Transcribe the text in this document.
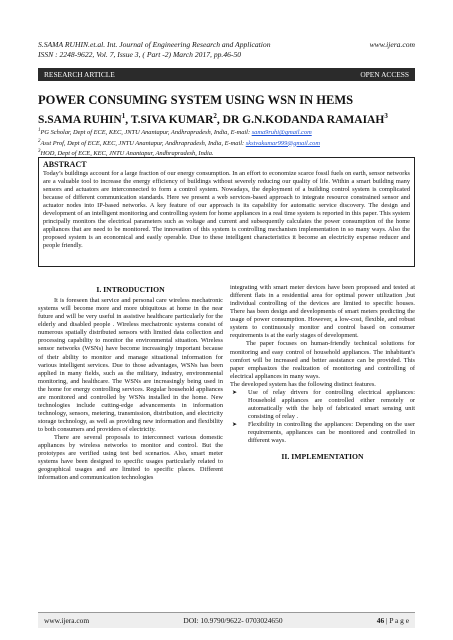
S.SAMA RUHIN.et.al. Int. Journal of Engineering Research and Application	www.ijera.com
ISSN : 2248-9622, Vol. 7, Issue 3, ( Part -2) March 2017, pp.46-50
RESEARCH ARTICLE	OPEN ACCESS
POWER CONSUMING SYSTEM USING WSN IN HEMS
S.SAMA RUHIN$^1$, T.SIVA KUMAR$^2$, DR G.N.KODANDA RAMAIAH$^3$
$^1$PG Scholar, Dept of ECE, KEC, JNTU Anantapur, Andhrapradesh, India, E-mail: sama9ruhi@gmail.com
$^2$Asst Prof, Dept of ECE, KEC, JNTU Anantapur, Andhrapradesh, India, E-mail: skstvakumar999@gmail.com
$^3$HOD, Dept of ECE, KEC, JNTU Anantapur, Andhrapradesh, India.
ABSTRACT
Today’s buildings account for a large fraction of our energy consumption. In an effort to economize scarce fossil fuels on earth, sensor networks are a valuable tool to increase the energy efficiency of buildings without severely reducing our quality of life. Within a smart building many sensors and actuators are interconnected to form a control system. Nowadays, the deployment of a building control system is complicated because of different communication standards. Here we present a web services-based approach to integrate resource constrained sensor and actuator nodes into IP-based networks. A key feature of our approach is its capability for automatic service discovery. The design and development of an intelligent monitoring and controlling system for home appliances in a real time system is reported in this paper. This system principally monitors the electrical parameters such as voltage and current and subsequently calculates the power consumption of the home appliances that are need to be monitored. The innovation of this system is controlling mechanism implementation in so many ways. Also the proposed system is an economical and easily operable. Due to these intelligent characteristics it become an electricity expense reducer and people friendly.
I. INTRODUCTION

It is foreseen that service and personal care wireless mechatronic systems will become more and more ubiquitous at home in the near future and will be very useful in assistive healthcare particularly for the elderly and disabled people . Wireless mechatronic systems consist of numerous spatially distributed sensors with limited data collection and processing capability to monitor the environmental situation. Wireless sensor networks (WSNs) have become increasingly important because of their ability to monitor and manage situational information for various intelligent services. Due to those advantages, WSNs has been applied in many fields, such as the military, industry, environmental monitoring, and healthcare. The WSNs are increasingly being used in the home for energy controlling services. Regular household appliances are monitored and controlled by WSNs installed in the home. New technologies include cutting-edge advancements in information technology, sensors, metering, transmission, distribution, and electricity storage technology, as well as providing new information and flexibility to both consumers and providers of electricity.

There are several proposals to interconnect various domestic appliances by wireless networks to monitor and control. But the prototypes are verified using test bed scenarios. Also, smart meter systems have been designed to specific usages particularly related to geographical usages and are limited to specific places. Different information and communication technologies

integrating with smart meter devices have been proposed and tested at different flats in a residential area for optimal power utilization ,but individual controlling of the devices are limited to specific houses. There has been design and developments of smart meters predicting the usage of power consumption. However, a low-cost, flexible, and robust system to continuously monitor and control based on consumer requirements is at the early stages of development.

The paper focuses on human-friendly technical solutions for monitoring and easy control of household appliances. The inhabitant’s comfort will be increased and better assistance can be provided. This paper emphasizes the realization of monitoring and controlling of electrical appliances in many ways.

The developed system has the following distinct features.

➤ Use of relay drivers for controlling electrical appliances: Household appliances are controlled either remotely or automatically with the help of fabricated smart sensing unit consisting of relay .
➤ Flexibility in controlling the appliances: Depending on the user requirements, appliances can be monitored and controlled in different ways.
II. IMPLEMENTATION
www.ijera.com	DOI: 10.9790/9622- 0703024650	46 | P a g e
